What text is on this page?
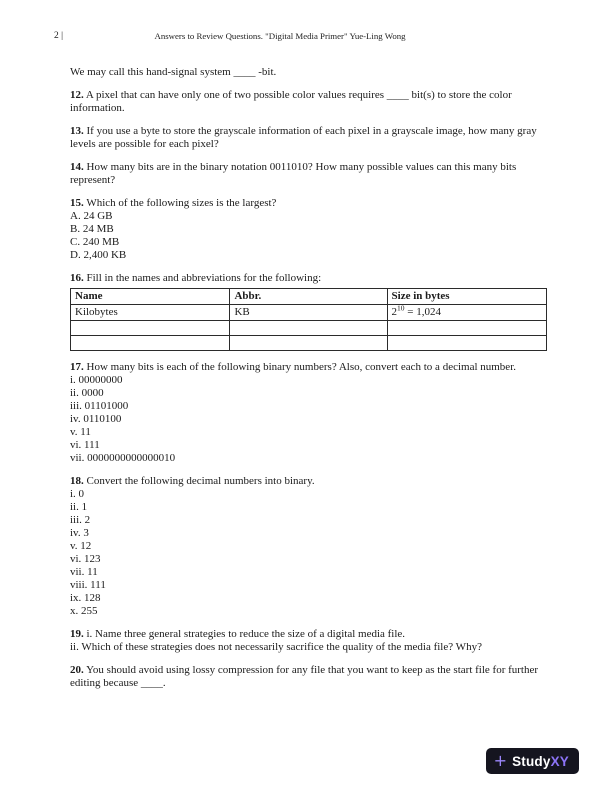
2 |	Answers to Review Questions. "Digital Media Primer" Yue-Ling Wong

We may call this hand-signal system ____ -bit.

12. A pixel that can have only one of two possible color values requires ____ bit(s) to store the color information.

13. If you use a byte to store the grayscale information of each pixel in a grayscale image, how many gray levels are possible for each pixel?

14. How many bits are in the binary notation 0011010? How many possible values can this many bits represent?

15. Which of the following sizes is the largest?

A. 24 GB
B. 24 MB
C. 240 MB
D. 2,400 KB

16. Fill in the names and abbreviations for the following:

Name	Abbr.	Size in bytes
Kilobytes	KB	$2^{10} = 1,024$

17. How many bits is each of the following binary numbers? Also, convert each to a decimal number.

i. 00000000
ii. 0000
iii. 01101000
iv. 0110100
v. 11
vi. 111
vii. 0000000000000010

18. Convert the following decimal numbers into binary.

i. 0
ii. 1
iii. 2
iv. 3
v. 12
vi. 123
vii. 11
viii. 111
ix. 128
x. 255

19. i. Name three general strategies to reduce the size of a digital media file.

ii. Which of these strategies does not necessarily sacrifice the quality of the media file? Why?

20. You should avoid using lossy compression for any file that you want to keep as the start file for further editing because ____.

+ StudyXY
